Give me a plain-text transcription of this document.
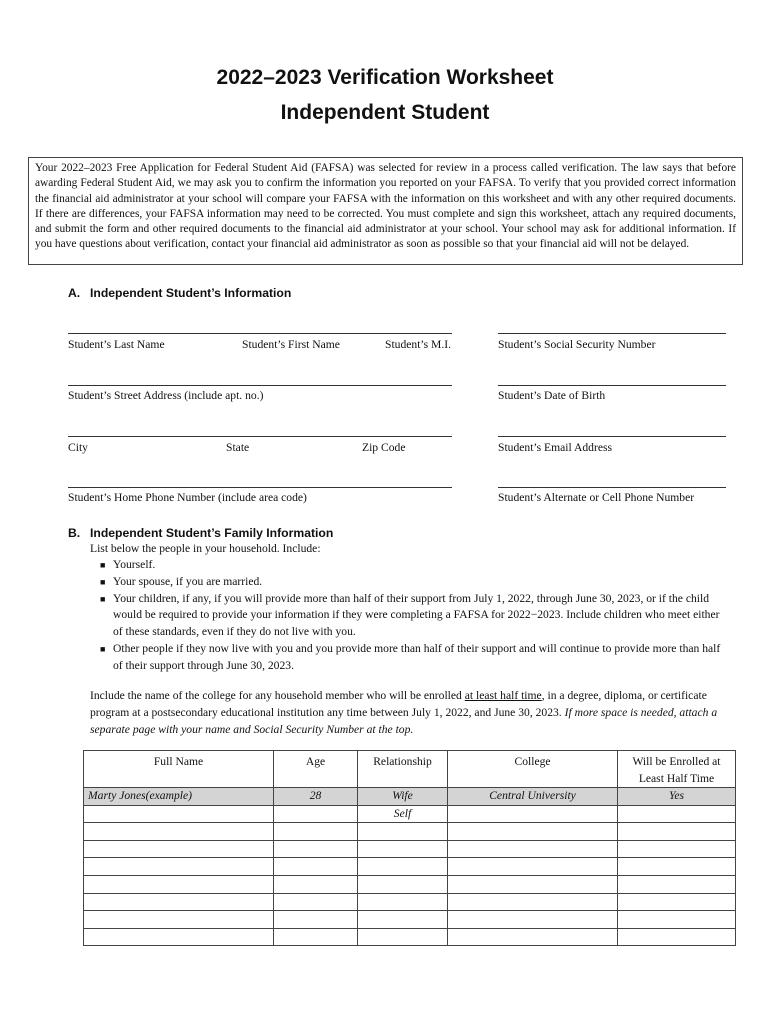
2022–2023 Verification Worksheet
Independent Student
Your 2022–2023 Free Application for Federal Student Aid (FAFSA) was selected for review in a process called verification. The law says that before awarding Federal Student Aid, we may ask you to confirm the information you reported on your FAFSA. To verify that you provided correct information the financial aid administrator at your school will compare your FAFSA with the information on this worksheet and with any other required documents. If there are differences, your FAFSA information may need to be corrected. You must complete and sign this worksheet, attach any required documents, and submit the form and other required documents to the financial aid administrator at your school. Your school may ask for additional information. If you have questions about verification, contact your financial aid administrator as soon as possible so that your financial aid will not be delayed.
A. Independent Student’s Information
Student’s Last Name	Student’s First Name	Student’s M.I.	Student’s Social Security Number
Student’s Street Address (include apt. no.)	Student’s Date of Birth
City	State	Zip Code	Student’s Email Address
Student’s Home Phone Number (include area code)	Student’s Alternate or Cell Phone Number
B. Independent Student’s Family Information
List below the people in your household. Include:
■ Yourself.
■ Your spouse, if you are married.
■ Your children, if any, if you will provide more than half of their support from July 1, 2022, through June 30, 2023, or if the child would be required to provide your information if they were completing a FAFSA for 2022−2023. Include children who meet either of these standards, even if they do not live with you.
■ Other people if they now live with you and you provide more than half of their support and will continue to provide more than half of their support through June 30, 2023.
Include the name of the college for any household member who will be enrolled at least half time, in a degree, diploma, or certificate program at a postsecondary educational institution any time between July 1, 2022, and June 30, 2023. If more space is needed, attach a separate page with your name and Social Security Number at the top.
Full Name	Age	Relationship	College	Will be Enrolled at Least Half Time
Marty Jones(example)	28	Wife	Central University	Yes
		Self		
